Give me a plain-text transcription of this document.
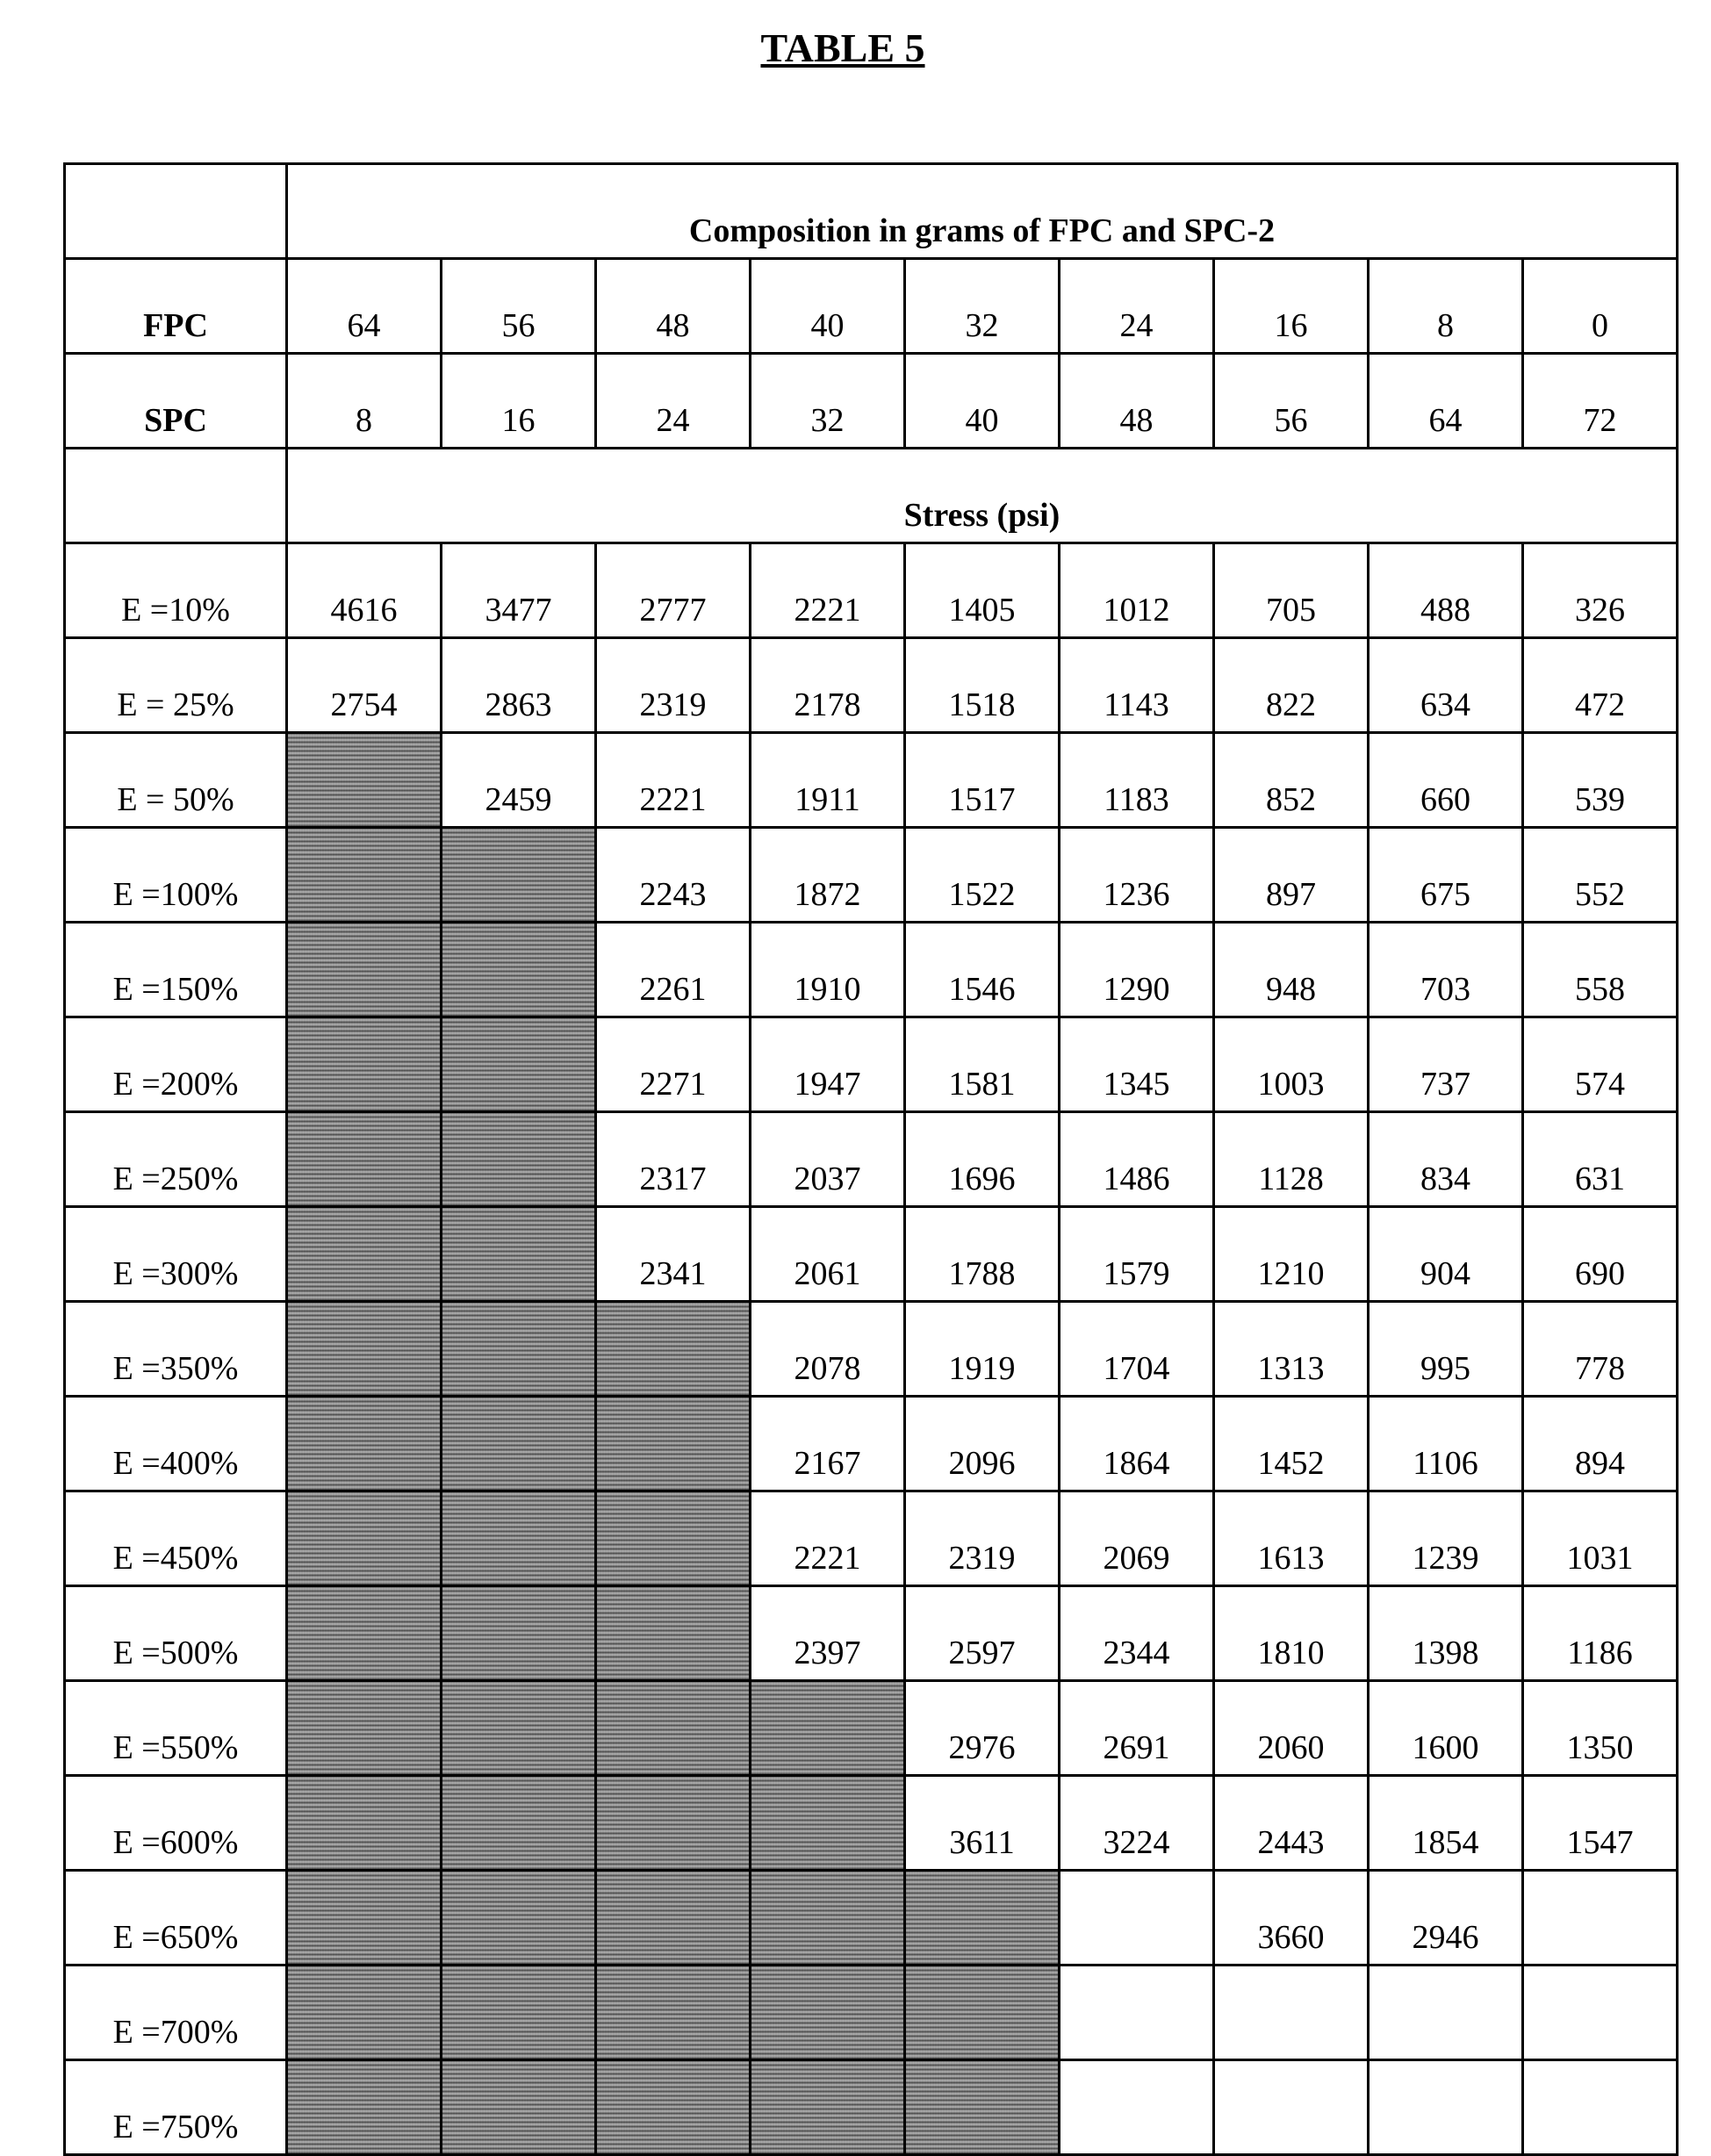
TABLE 5
	Composition in grams of FPC and SPC-2
FPC	64	56	48	40	32	24	16	8	0
SPC	8	16	24	32	40	48	56	64	72
	Stress (psi)
E =10%	4616	3477	2777	2221	1405	1012	705	488	326
E = 25%	2754	2863	2319	2178	1518	1143	822	634	472
E = 50%		2459	2221	1911	1517	1183	852	660	539
E =100%			2243	1872	1522	1236	897	675	552
E =150%			2261	1910	1546	1290	948	703	558
E =200%			2271	1947	1581	1345	1003	737	574
E =250%			2317	2037	1696	1486	1128	834	631
E =300%			2341	2061	1788	1579	1210	904	690
E =350%				2078	1919	1704	1313	995	778
E =400%				2167	2096	1864	1452	1106	894
E =450%				2221	2319	2069	1613	1239	1031
E =500%				2397	2597	2344	1810	1398	1186
E =550%					2976	2691	2060	1600	1350
E =600%					3611	3224	2443	1854	1547
E =650%							3660	2946	
E =700%									
E =750%									
